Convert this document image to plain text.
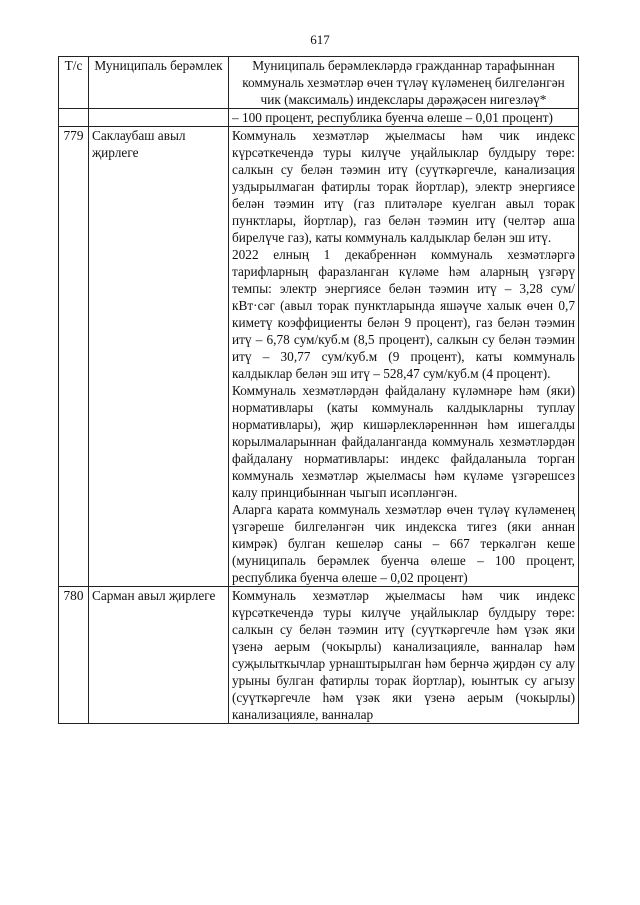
617
Т/с	Муниципаль берәмлек	Муниципаль берәмлекләрдә гражданнар тарафыннан коммуналь хезмәтләр өчен түләү күләменең билгеләнгән чик (максималь) индекслары дәрәҗәсен нигезләү*

		– 100 процент, республика буенча өлеше – 0,01 процент)

779	Саклаубаш авыл җирлеге	Коммуналь хезмәтләр җыелмасы һәм чик индекс күрсәткечендә туры килүче уңайлыклар булдыру төре: салкын су белән тәэмин итү (суүткәргечле, канализация уздырылмаган фатирлы торак йортлар), электр энергиясе белән тәэмин итү (газ плитәләре куелган авыл торак пунктлары, йортлар), газ белән тәэмин итү (челтәр аша бирелүче газ), каты коммуналь калдыклар белән эш итү.

2022 елның 1 декабреннән коммуналь хезмәтләргә тарифларның фаразланган күләме һәм аларның үзгәрү темпы: электр энергиясе белән тәэмин итү – 3,28 сум/кВт·сәг (авыл торак пунктларында яшәүче халык өчен 0,7 киметү коэффициенты белән 9 процент), газ белән тәэмин итү – 6,78 сум/куб.м (8,5 процент), салкын су белән тәэмин итү – 30,77 сум/куб.м (9 процент), каты коммуналь калдыклар белән эш итү – 528,47 сум/куб.м (4 процент).

Коммуналь хезмәтләрдән файдалану күләмнәре һәм (яки) нормативлары (каты коммуналь калдыкларны туплау нормативлары), җир кишәрлекләренннән һәм ишегалды корылмаларыннан файдаланганда коммуналь хезмәтләрдән файдалану нормативлары: индекс файдаланыла торган коммуналь хезмәтләр җыелмасы һәм күләме үзгәрешсез калу принцибыннан чыгып исәпләнгән.

Аларга карата коммуналь хезмәтләр өчен түләү күләменең үзгәреше билгеләнгән чик индекска тигез (яки аннан кимрәк) булган кешеләр саны – 667 теркәлгән кеше (муниципаль берәмлек буенча өлеше – 100 процент, республика буенча өлеше – 0,02 процент)

780	Сарман авыл җирлеге	Коммуналь хезмәтләр җыелмасы һәм чик индекс күрсәткечендә туры килүче уңайлыклар булдыру төре: салкын су белән тәэмин итү (суүткәргечле һәм үзәк яки үзенә аерым (чокырлы) канализацияле, ванналар һәм суҗылыткычлар урнаштырылган һәм бернчә җирдән су алу урыны булган фатирлы торак йортлар), юынтык су агызу (суүткәргечле һәм үзәк яки үзенә аерым (чокырлы) канализацияле, ванналар
